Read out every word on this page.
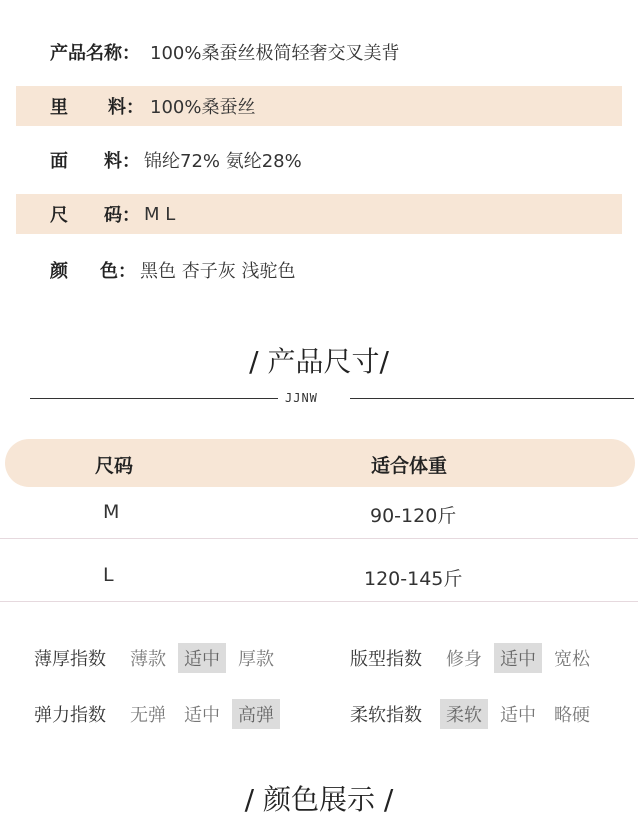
产品名称： 100%桑蚕丝极简轻奢交叉美背
里 料： 100%桑蚕丝
面 料： 锦纶72% 氨纶28%
尺 码： M L
颜 色： 黑色 杏子灰 浅驼色
/ 产品尺寸/
JJNW
尺码	适合体重
M	90-120斤
L	120-145斤
薄厚指数	薄款	适中	厚款	版型指数	修身	适中	宽松
弹力指数	无弹	适中	高弹	柔软指数	柔软	适中	略硬
/ 颜色展示 /
